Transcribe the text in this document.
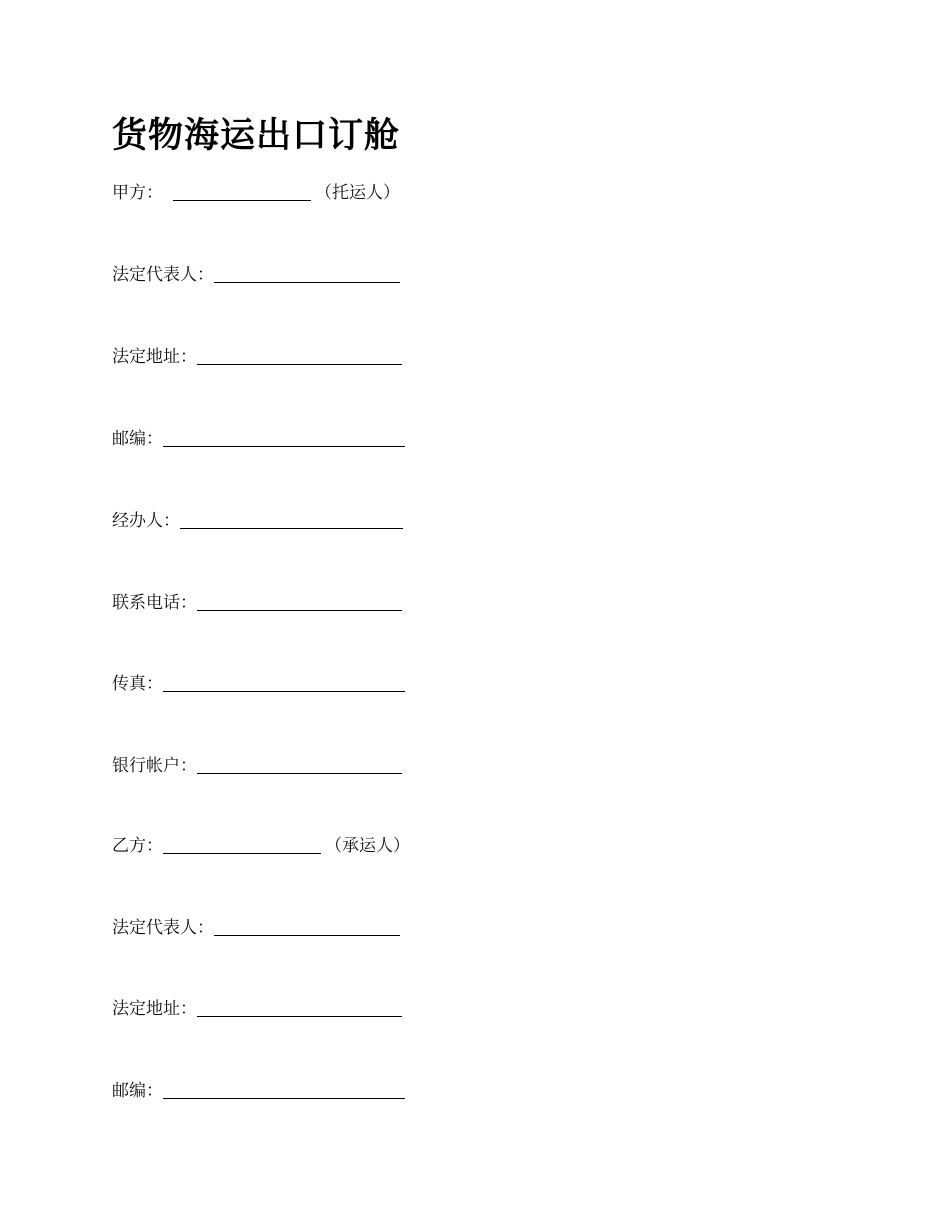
货物海运出口订舱
甲方：	（托运人）
法定代表人：
法定地址：
邮编：
经办人：
联系电话：
传真：
银行帐户：
乙方：	（承运人）
法定代表人：
法定地址：
邮编：
